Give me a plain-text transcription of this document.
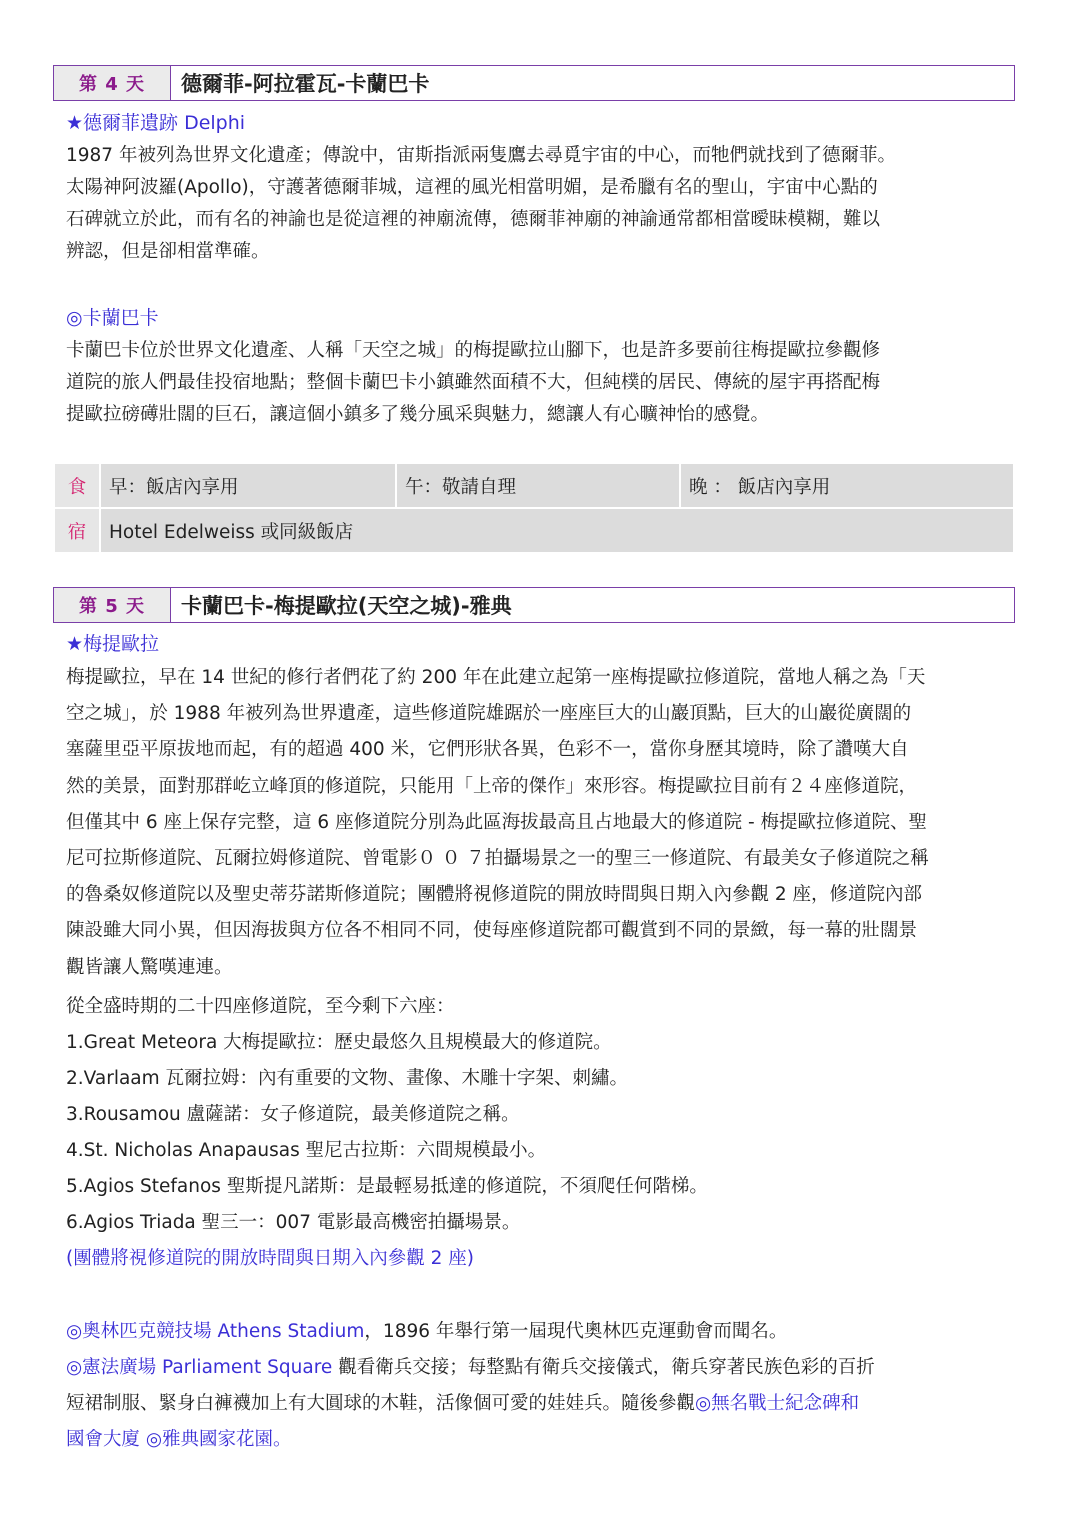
第 4 天	德爾菲-阿拉霍瓦-卡蘭巴卡
★德爾菲遺跡 Delphi

1987 年被列為世界文化遺產；傳說中，宙斯指派兩隻鷹去尋覓宇宙的中心，而牠們就找到了德爾菲。

太陽神阿波羅(Apollo)，守護著德爾菲城，這裡的風光相當明媚，是希臘有名的聖山，宇宙中心點的

石碑就立於此，而有名的神諭也是從這裡的神廟流傳，德爾菲神廟的神諭通常都相當曖昧模糊，難以

辨認，但是卻相當準確。

◎卡蘭巴卡

卡蘭巴卡位於世界文化遺產、人稱「天空之城」的梅提歐拉山腳下，也是許多要前往梅提歐拉參觀修

道院的旅人們最佳投宿地點；整個卡蘭巴卡小鎮雖然面積不大，但純樸的居民、傳統的屋宇再搭配梅

提歐拉磅礡壯闊的巨石，讓這個小鎮多了幾分風采與魅力，總讓人有心曠神怡的感覺。

食	早：飯店內享用	午：敬請自理	晚 ： 飯店內享用
宿	Hotel Edelweiss 或同級飯店		
第 5 天	卡蘭巴卡-梅提歐拉(天空之城)-雅典
★梅提歐拉

梅提歐拉，早在 14 世紀的修行者們花了約 200 年在此建立起第一座梅提歐拉修道院，當地人稱之為「天

空之城」，於 1988 年被列為世界遺產，這些修道院雄踞於一座座巨大的山巖頂點，巨大的山巖從廣闊的

塞薩里亞平原拔地而起，有的超過 400 米，它們形狀各異，色彩不一，當你身歷其境時，除了讚嘆大自

然的美景，面對那群屹立峰頂的修道院，只能用「上帝的傑作」來形容。梅提歐拉目前有２４座修道院，

但僅其中 6 座上保存完整，這 6 座修道院分別為此區海拔最高且占地最大的修道院 - 梅提歐拉修道院、聖

尼可拉斯修道院、瓦爾拉姆修道院、曾電影０ ０ ７拍攝場景之一的聖三一修道院、有最美女子修道院之稱

的魯桑奴修道院以及聖史蒂芬諾斯修道院；團體將視修道院的開放時間與日期入內參觀 2 座，修道院內部

陳設雖大同小異，但因海拔與方位各不相同不同，使每座修道院都可觀賞到不同的景緻，每一幕的壯闊景

觀皆讓人驚嘆連連。

從全盛時期的二十四座修道院，至今剩下六座：
1.Great Meteora 大梅提歐拉：歷史最悠久且規模最大的修道院。
2.Varlaam 瓦爾拉姆：內有重要的文物、畫像、木雕十字架、刺繡。
3.Rousamou 盧薩諾：女子修道院，最美修道院之稱。
4.St. Nicholas Anapausas 聖尼古拉斯：六間規模最小。
5.Agios Stefanos 聖斯提凡諾斯：是最輕易抵達的修道院，不須爬任何階梯。
6.Agios Triada 聖三一：007 電影最高機密拍攝場景。
(團體將視修道院的開放時間與日期入內參觀 2 座)
◎奧林匹克競技場 Athens Stadium，1896 年舉行第一屆現代奧林匹克運動會而聞名。
◎憲法廣場 Parliament Square 觀看衛兵交接；每整點有衛兵交接儀式，衛兵穿著民族色彩的百折
短裙制服、緊身白褲襪加上有大圓球的木鞋，活像個可愛的娃娃兵。隨後參觀◎無名戰士紀念碑和
國會大廈 ◎雅典國家花園。
